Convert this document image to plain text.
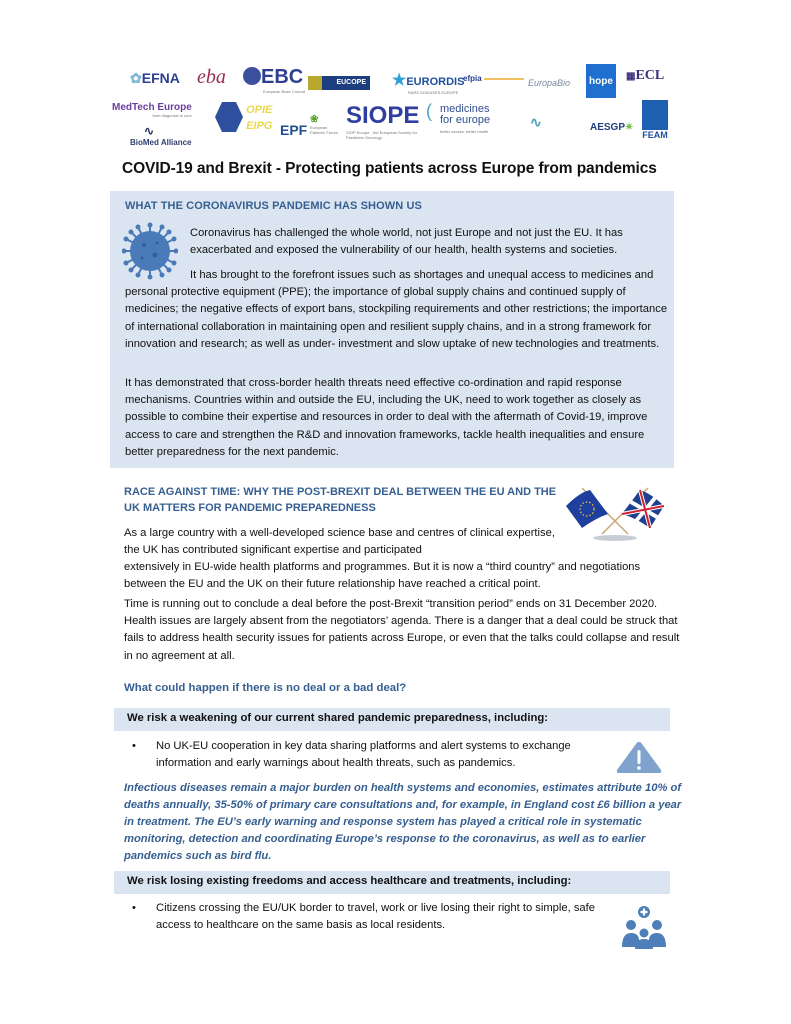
✿EFNA eba	EBC
European Brain Council
EUCOPE ★EURORDIS
RARE DISEASES EUROPE
efpia	EuropaBio	hope	▦ECL
MedTech Europe
from diagnosis to cure
∿
BioMed Alliance
OPIE
EIPG EPF
❀
European Patients' Forum
SIOPE
SIOP Europe - the European Society for Paediatric Oncology
( medicines
for europe
better access. better health.
∿	AESGP✴
FEAM
COVID-19 and Brexit - Protecting patients across Europe from pandemics
WHAT THE CORONAVIRUS PANDEMIC HAS SHOWN US

Coronavirus has challenged the whole world, not just Europe and not just the EU. It has exacerbated and exposed the vulnerability of our health, health systems and societies.

It has brought to the forefront issues such as shortages and unequal access to medicines and personal protective equipment (PPE); the importance of global supply chains and continued supply of medicines; the negative effects of export bans, stockpiling requirements and other restrictions; the importance of international collaboration in maintaining open and resilient supply chains, and in a strong framework for innovation and research; as well as under- investment and slow uptake of new technologies and treatments.

It has demonstrated that cross-border health threats need effective co-ordination and rapid response mechanisms. Countries within and outside the EU, including the UK, need to work together as closely as possible to combine their expertise and resources in order to deal with the aftermath of Covid-19, improve access to care and strengthen the R&D and innovation frameworks, tackle health inequalities and ensure better preparedness for the next pandemic.

RACE AGAINST TIME: WHY THE POST-BREXIT DEAL BETWEEN THE EU AND THE UK MATTERS FOR PANDEMIC PREPAREDNESS

As a large country with a well-developed science base and centres of clinical expertise, the UK has contributed significant expertise and participated

extensively in EU-wide health platforms and programmes. But it is now a “third country” and negotiations between the EU and the UK on their future relationship have reached a critical point.

Time is running out to conclude a deal before the post-Brexit “transition period” ends on 31 December 2020. Health issues are largely absent from the negotiators’ agenda. There is a danger that a deal could be struck that fails to address health security issues for patients across Europe, or even that the talks could collapse and result in no agreement at all.

What could happen if there is no deal or a bad deal?
We risk a weakening of our current shared pandemic preparedness, including:
• No UK-EU cooperation in key data sharing platforms and alert systems to exchange information and early warnings about health threats, such as pandemics.
Infectious diseases remain a major burden on health systems and economies, estimates attribute 10% of deaths annually, 35-50% of primary care consultations and, for example, in England cost £6 billion a year in treatment. The EU’s early warning and response system has played a critical role in systematic monitoring, detection and coordinating Europe’s response to the coronavirus, as well as to earlier pandemics such as bird flu.
We risk losing existing freedoms and access healthcare and treatments, including:
• Citizens crossing the EU/UK border to travel, work or live losing their right to simple, safe access to healthcare on the same basis as local residents.
